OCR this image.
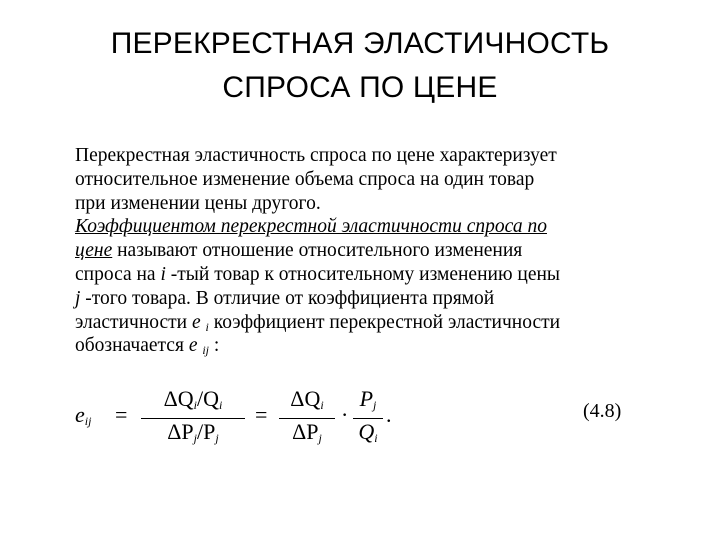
ПЕРЕКРЕСТНАЯ ЭЛАСТИЧНОСТЬ
СПРОСА ПО ЦЕНЕ
Перекрестная эластичность спроса по цене характеризует
относительное изменение объема спроса на один товар
при изменении цены другого.
Коэффициентом перекрестной эластичности спроса по
цене называют отношение относительного изменения
спроса на i -тый товар к относительному изменению цены
j -того товара. В отличие от коэффициента прямой
эластичности e $_i$ коэффициент перекрестной эластичности
обозначается e $_{ij}$ :
$e_{ij}$ =
$\Delta Q_i/Q_i$
$\Delta P_j/P_j$
=
$\Delta Q_i$
$\Delta P_j$
· $\frac{P_j}{Q_i}$ .	(4.8)
